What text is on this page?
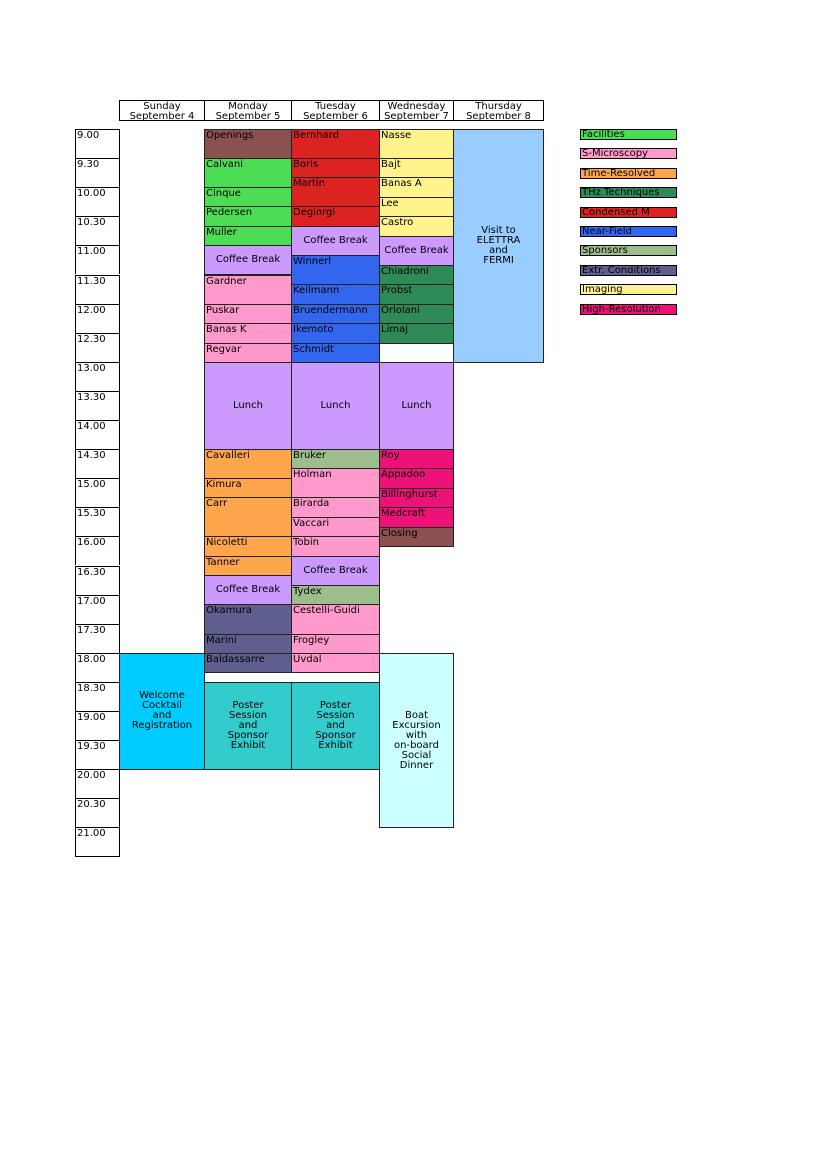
Sunday
September 4
Monday
September 5
Tuesday
September 6
Wednesday
September 7
Thursday
September 8
9.00
9.30
10.00
10.30
11.00
11.30
12.00
12.30
13.00
13.30
14.00
14.30
15.00
15.30
16.00
16.30
17.00
17.30
18.00
18.30
19.00
19.30
20.00
20.30
21.00
Openings
Calvani
Cinque
Pedersen
Muller
Coffee Break
Gardner
Puskar
Banas K
Regvar
Lunch
Cavalleri
Kimura
Carr
Nicoletti
Tanner
Coffee Break
Okamura
Marini
Baldassarre
Bernhard
Boris
Martin
Degiorgi
Coffee Break
Winnerl
Keilmann
Bruendermann
Ikemoto
Schmidt
Lunch
Bruker
Holman
Birarda
Vaccari
Tobin
Coffee Break
Tydex
Cestelli-Guidi
Frogley
Uvdal
Nasse
Bajt
Banas A
Lee
Castro
Coffee Break
Chiadroni
Probst
Orlolani
Limaj
Lunch
Roy
Appadoo
Billinghurst
Medcraft
Closing
Visit to
ELETTRA
and
FERMI
Welcome
Cocktail
and
Registration
Poster
Session
and
Sponsor
Exhibit
Poster
Session
and
Sponsor
Exhibit
Boat
Excursion
with
on-board
Social
Dinner
Facilities
S-Microscopy
Time-Resolved
THz Techniques
Condensed M
Near-Field
Sponsors
Extr. Conditions
Imaging
High-Resolution
